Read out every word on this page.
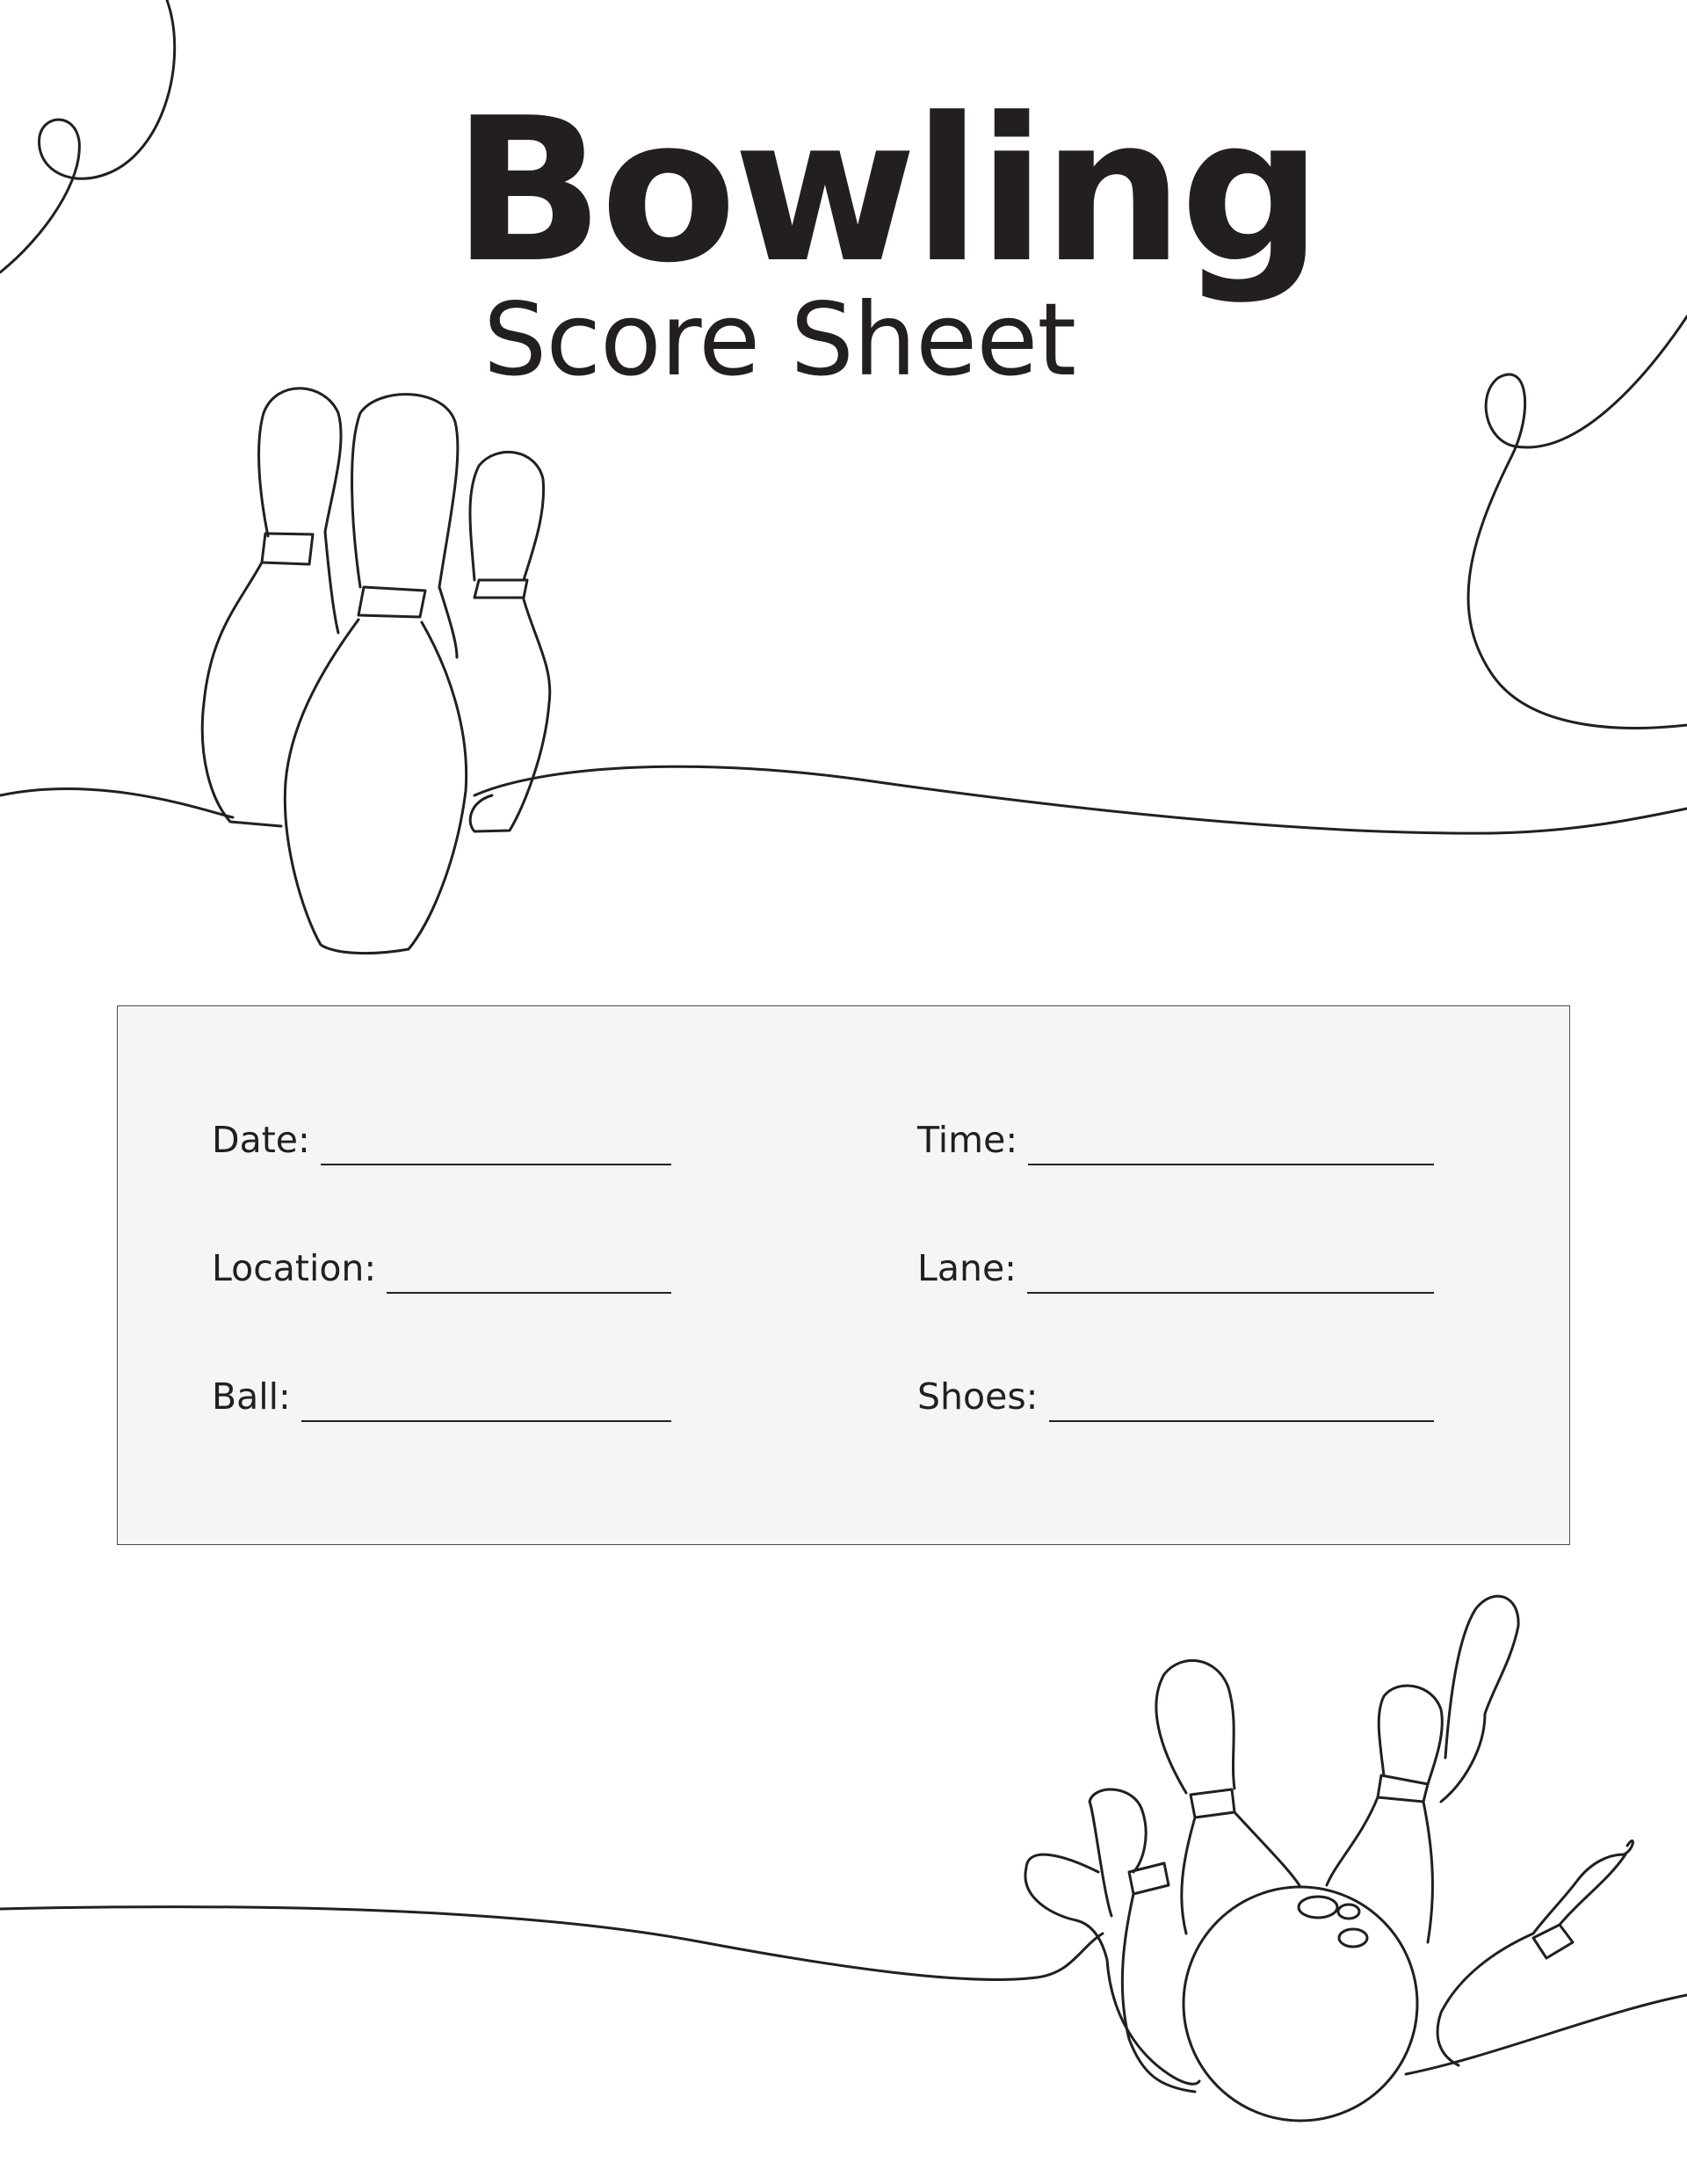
Bowling
Score Sheet
Date:	Time:
Location:	Lane:
Ball:	Shoes:
